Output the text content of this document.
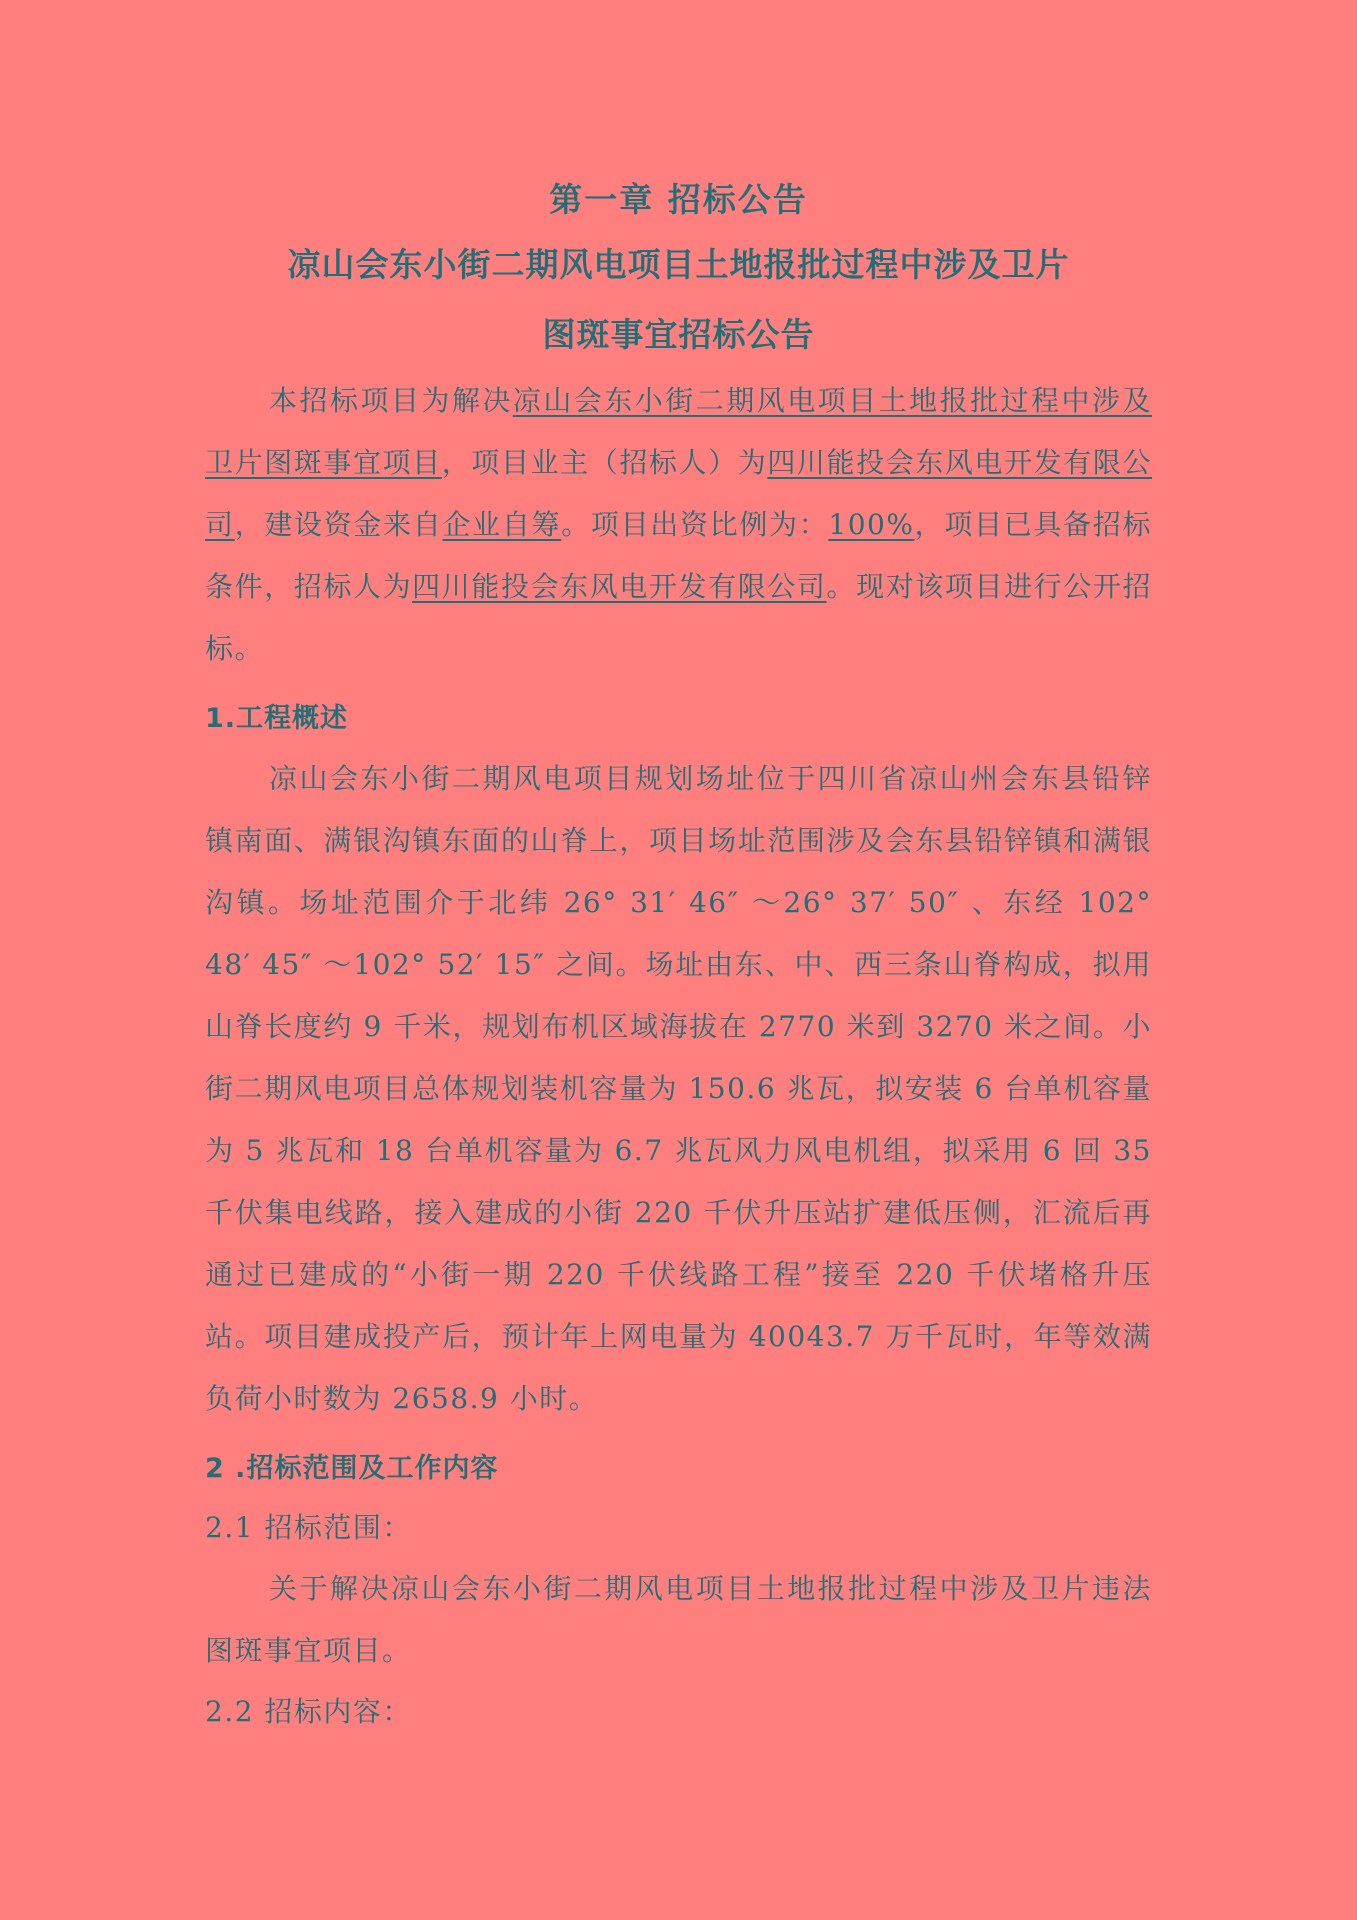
第一章 招标公告
凉山会东小街二期风电项目土地报批过程中涉及卫片
图斑事宜招标公告

本招标项目为解决凉山会东小街二期风电项目土地报批过程中涉及卫片图斑事宜项目，项目业主（招标人）为四川能投会东风电开发有限公司，建设资金来自企业自筹。项目出资比例为：100%，项目已具备招标条件，招标人为四川能投会东风电开发有限公司。现对该项目进行公开招标。

1.工程概述

凉山会东小街二期风电项目规划场址位于四川省凉山州会东县铅锌镇南面、满银沟镇东面的山脊上，项目场址范围涉及会东县铅锌镇和满银沟镇。场址范围介于北纬 26° 31′ 46″ ～26° 37′ 50″ 、东经 102° 48′ 45″ ～102° 52′ 15″ 之间。场址由东、中、西三条山脊构成，拟用山脊长度约 9 千米，规划布机区域海拔在 2770 米到 3270 米之间。小街二期风电项目总体规划装机容量为 150.6 兆瓦，拟安装 6 台单机容量为 5 兆瓦和 18 台单机容量为 6.7 兆瓦风力风电机组，拟采用 6 回 35 千伏集电线路，接入建成的小街 220 千伏升压站扩建低压侧，汇流后再通过已建成的“小街一期 220 千伏线路工程”接至 220 千伏堵格升压站。项目建成投产后，预计年上网电量为 40043.7 万千瓦时，年等效满负荷小时数为 2658.9 小时。

2 .招标范围及工作内容

2.1 招标范围：

关于解决凉山会东小街二期风电项目土地报批过程中涉及卫片违法图斑事宜项目。

2.2 招标内容：
